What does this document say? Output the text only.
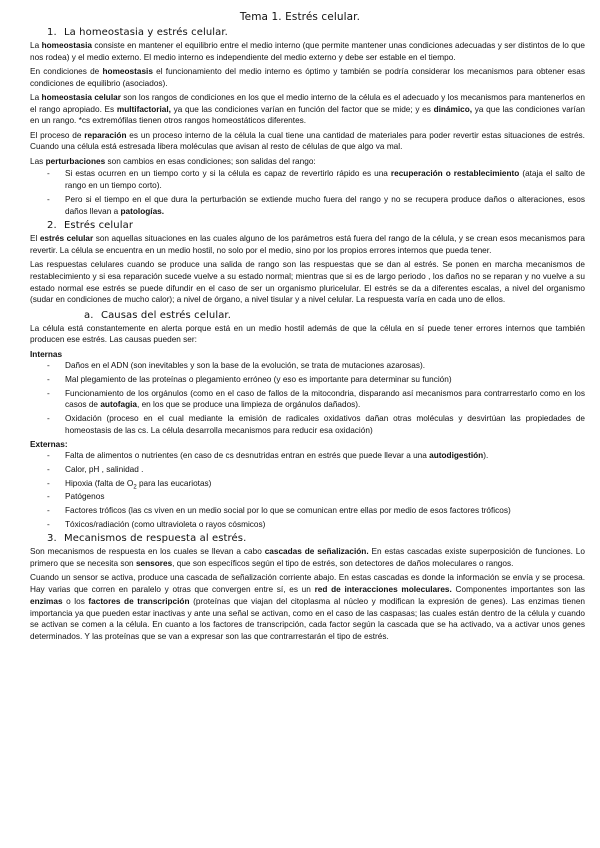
Tema 1. Estrés celular.
1. La homeostasia y estrés celular.

La homeostasia consiste en mantener el equilibrio entre el medio interno (que permite mantener unas condiciones adecuadas y ser distintos de lo que nos rodea) y el medio externo. El medio interno es independiente del medio externo y debe ser estable en el tiempo.

En condiciones de homeostasis el funcionamiento del medio interno es óptimo y también se podría considerar los mecanismos para obtener esas condiciones de equilibrio (asociados).

La homeostasia celular son los rangos de condiciones en los que el medio interno de la célula es el adecuado y los mecanismos para mantenerlos en el rango apropiado. Es multifactorial, ya que las condiciones varían en función del factor que se mide; y es dinámico, ya que las condiciones varían en un rango. *cs extremófilas tienen otros rangos homeostáticos diferentes.

El proceso de reparación es un proceso interno de la célula la cual tiene una cantidad de materiales para poder revertir estas situaciones de estrés. Cuando una célula está estresada libera moléculas que avisan al resto de células de que algo va mal.

Las perturbaciones son cambios en esas condiciones; son salidas del rango:

- Si estas ocurren en un tiempo corto y si la célula es capaz de revertirlo rápido es una recuperación o restablecimiento (ataja el salto de rango en un tiempo corto).
- Pero si el tiempo en el que dura la perturbación se extiende mucho fuera del rango y no se recupera produce daños o alteraciones, esos daños llevan a patologías.
2. Estrés celular

El estrés celular son aquellas situaciones en las cuales alguno de los parámetros está fuera del rango de la célula, y se crean esos mecanismos para revertir. La célula se encuentra en un medio hostil, no solo por el medio, sino por los propios errores internos que pueda tener.

Las respuestas celulares cuando se produce una salida de rango son las respuestas que se dan al estrés. Se ponen en marcha mecanismos de restablecimiento y si esa reparación sucede vuelve a su estado normal; mientras que si es de largo periodo , los daños no se reparan y no vuelve a su estado normal ese estrés se puede difundir en el caso de ser un organismo pluricelular. El estrés se da a diferentes escalas, a nivel del organismo (sudar en condiciones de mucho calor); a nivel de órgano, a nivel tisular y a nivel celular. La respuesta varía en cada uno de ellos.

a. Causas del estrés celular.

La célula está constantemente en alerta porque está en un medio hostil además de que la célula en sí puede tener errores internos que también producen ese estrés. Las causas pueden ser:

Internas
- Daños en el ADN (son inevitables y son la base de la evolución, se trata de mutaciones azarosas).
- Mal plegamiento de las proteínas o plegamiento erróneo (y eso es importante para determinar su función)
- Funcionamiento de los orgánulos (como en el caso de fallos de la mitocondria, disparando así mecanismos para contrarrestarlo como en los casos de autofagia, en los que se produce una limpieza de orgánulos dañados).
- Oxidación (proceso en el cual mediante la emisión de radicales oxidativos dañan otras moléculas y desvirtúan las propiedades de homeostasis de las cs. La célula desarrolla mecanismos para reducir esa oxidación)
Externas:
- Falta de alimentos o nutrientes (en caso de cs desnutridas entran en estrés que puede llevar a una autodigestión).
- Calor, pH , salinidad .
- Hipoxia (falta de $O_2$ para las eucariotas)
- Patógenos
- Factores tróficos (las cs viven en un medio social por lo que se comunican entre ellas por medio de esos factores tróficos)
- Tóxicos/radiación (como ultravioleta o rayos cósmicos)
3. Mecanismos de respuesta al estrés.

Son mecanismos de respuesta en los cuales se llevan a cabo cascadas de señalización. En estas cascadas existe superposición de funciones. Lo primero que se necesita son sensores, que son específicos según el tipo de estrés, son detectores de daños moleculares o rangos.

Cuando un sensor se activa, produce una cascada de señalización corriente abajo. En estas cascadas es donde la información se envía y se procesa. Hay varias que corren en paralelo y otras que convergen entre sí, es un red de interacciones moleculares. Componentes importantes son las enzimas o los factores de transcripción (proteínas que viajan del citoplasma al núcleo y modifican la expresión de genes). Las enzimas tienen importancia ya que pueden estar inactivas y ante una señal se activan, como en el caso de las caspasas; las cuales están dentro de la célula y cuando se activan se comen a la célula. En cuanto a los factores de transcripción, cada factor según la cascada que se ha activado, va a activar unos genes determinados. Y las proteínas que se van a expresar son las que contrarrestarán el tipo de estrés.
